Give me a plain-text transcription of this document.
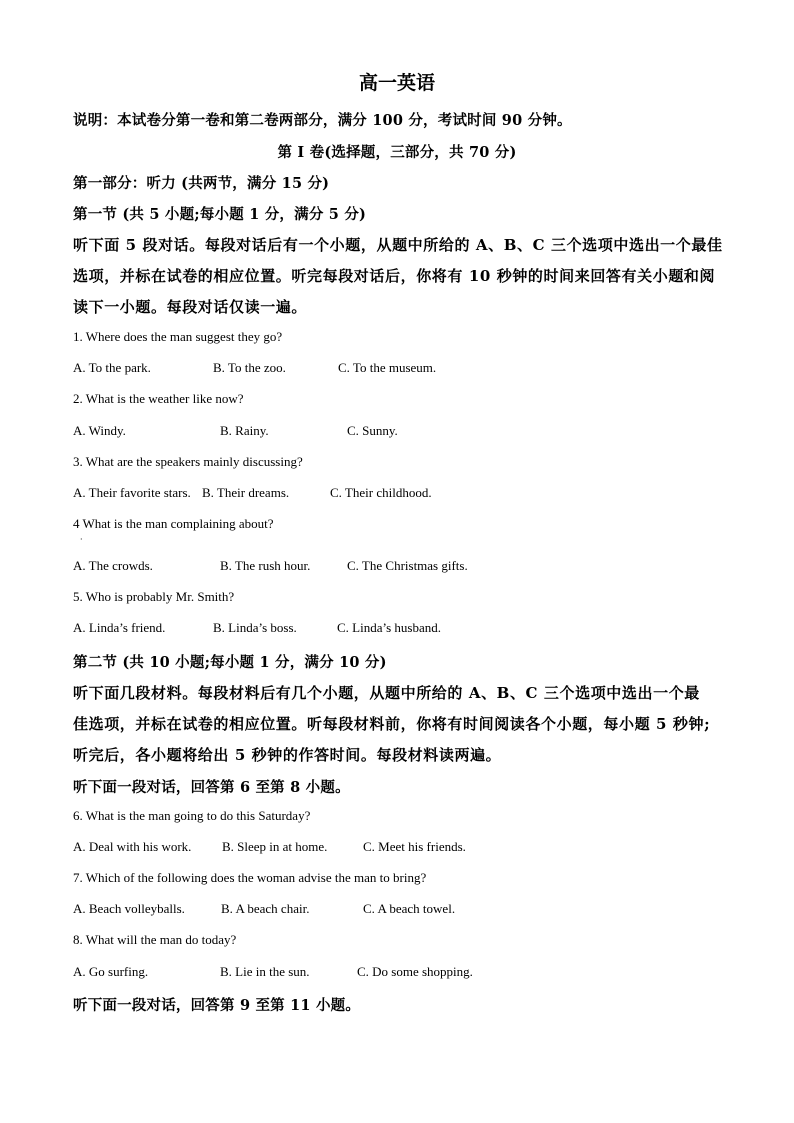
高一英语
说明：本试卷分第一卷和第二卷两部分，满分 100 分，考试时间 90 分钟。
第 I 卷(选择题，三部分，共 70 分)
第一部分：听力 (共两节，满分 15 分)
第一节 (共 5 小题;每小题 1 分，满分 5 分)
听下面 5 段对话。每段对话后有一个小题，从题中所给的 A、B、C 三个选项中选出一个最佳
选项，并标在试卷的相应位置。听完每段对话后，你将有 10 秒钟的时间来回答有关小题和阅
读下一小题。每段对话仅读一遍。
1. Where does the man suggest they go?
A. To the park.	B. To the zoo.	C. To the museum.
2. What is the weather like now?
A. Windy.	B. Rainy.	C. Sunny.
3. What are the speakers mainly discussing?
A. Their favorite stars. B. Their dreams.	C. Their childhood.
4 What is the man complaining about?
·
A. The crowds.	B. The rush hour.	C. The Christmas gifts.
5. Who is probably Mr. Smith?
A. Linda’s friend.	B. Linda’s boss.	C. Linda’s husband.
第二节 (共 10 小题;每小题 1 分，满分 10 分)
听下面几段材料。每段材料后有几个小题，从题中所给的 A、B、C 三个选项中选出一个最
佳选项，并标在试卷的相应位置。听每段材料前，你将有时间阅读各个小题，每小题 5 秒钟;
听完后，各小题将给出 5 秒钟的作答时间。每段材料读两遍。
听下面一段对话，回答第 6 至第 8 小题。
6. What is the man going to do this Saturday?
A. Deal with his work. B. Sleep in at home.	C. Meet his friends.
7. Which of the following does the woman advise the man to bring?
A. Beach volleyballs.	B. A beach chair.	C. A beach towel.
8. What will the man do today?
A. Go surfing.	B. Lie in the sun.	C. Do some shopping.
听下面一段对话，回答第 9 至第 11 小题。
